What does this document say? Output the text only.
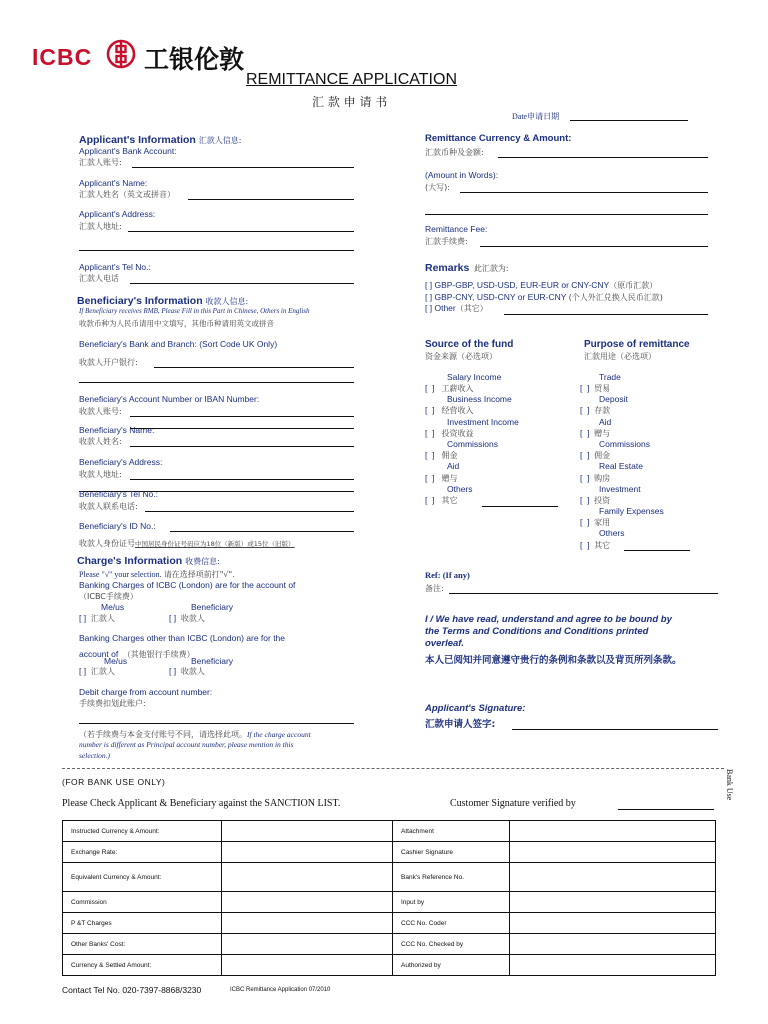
ICBC 工银伦敦
REMITTANCE APPLICATION
汇 款 申 请 书
Date申请日期
Applicant's Information 汇款人信息:
Applicant's Bank Account:
汇款人账号:
Applicant's Name:
汇款人姓名（英文或拼音）
Applicant's Address:
汇款人地址:
Applicant's Tel No.:
汇款人电话
Beneficiary's Information 收款人信息:
If Beneficiary receives RMB, Please Fill in this Part in Chinese, Others in English
收款币种为人民币请用中文填写，其他币种请用英文或拼音
Beneficiary's Bank and Branch: (Sort Code UK Only)
收款人开户银行:
Beneficiary's Account Number or IBAN Number:
收款人账号:
Beneficiary's Name:
收款人姓名:
Beneficiary's Address:
收款人地址:
Beneficiary's Tel No.:
收款人联系电话:
Beneficiary's ID No.:
收款人身份证号中国居民身份证号码应为18位（新版）或15位（旧版）
Charge's Information 收费信息:
Please "√" your selection. 请在选择项前打"√".
Banking Charges of ICBC (London) are for the account of
（ICBC手续费）
Me/us	Beneficiary
[ ] 汇款人	[ ] 收款人
Banking Charges other than ICBC (London) are for the
account of （其他银行手续费）
Me/us	Beneficiary
[ ] 汇款人	[ ] 收款人
Debit charge from account number:
手续费扣划此账户:
（若手续费与本金支付账号不同，请选择此项。If the charge account
number is different as Principal account number, please mention in this
selection.)
Remittance Currency & Amount:
汇款币种及金额:
(Amount in Words):
(大写):
Remittance Fee:
汇款手续费:
Remarks 此汇款为:
[ ] GBP-GBP, USD-USD, EUR-EUR or CNY-CNY（原币汇款）
[ ] GBP-CNY, USD-CNY or EUR-CNY (个人外汇兑换人民币汇款)
[ ] Other（其它）
Source of the fund
资金来源（必选项）
Salary Income
[  ]   工薪收入
Business Income
[  ]   经营收入
Investment Income
[  ]   投资收益
Commissions
[  ]   佣金
Aid
[  ]   赠与
Others
[  ]   其它
Purpose of remittance
汇款用途（必选项）
Trade
[  ]  贸易
Deposit
[  ]  存款
Aid
[  ]  赠与
Commissions
[  ]  佣金
Real Estate
[  ]  购房
Investment
[  ]  投资
Family Expenses
[  ]  家用
Others
[  ]  其它
Ref: (If any)
备注:
I / We have read, understand and agree to be bound by
the Terms and Conditions and Conditions printed
overleaf.
本人已阅知并同意遵守贵行的条例和条款以及背页所列条款。
Applicant's Signature:
汇款申请人签字:
Bank Use
(FOR BANK USE ONLY)
Please Check Applicant & Beneficiary against the SANCTION LIST.	Customer Signature verified by
Instructed Currency & Amount:		Attachment	
Exchange Rate:		Cashier Signature	
Equivalent Currency & Amount:		Bank's Reference No.	
Commission		Input by	
P &T Charges		CCC No. Coder	
Other Banks' Cost:		CCC No. Checked by	
Currency & Settled Amount:		Authorized by	
Contact Tel No. 020-7397-8868/3230	ICBC Remittance Application 07/2010
